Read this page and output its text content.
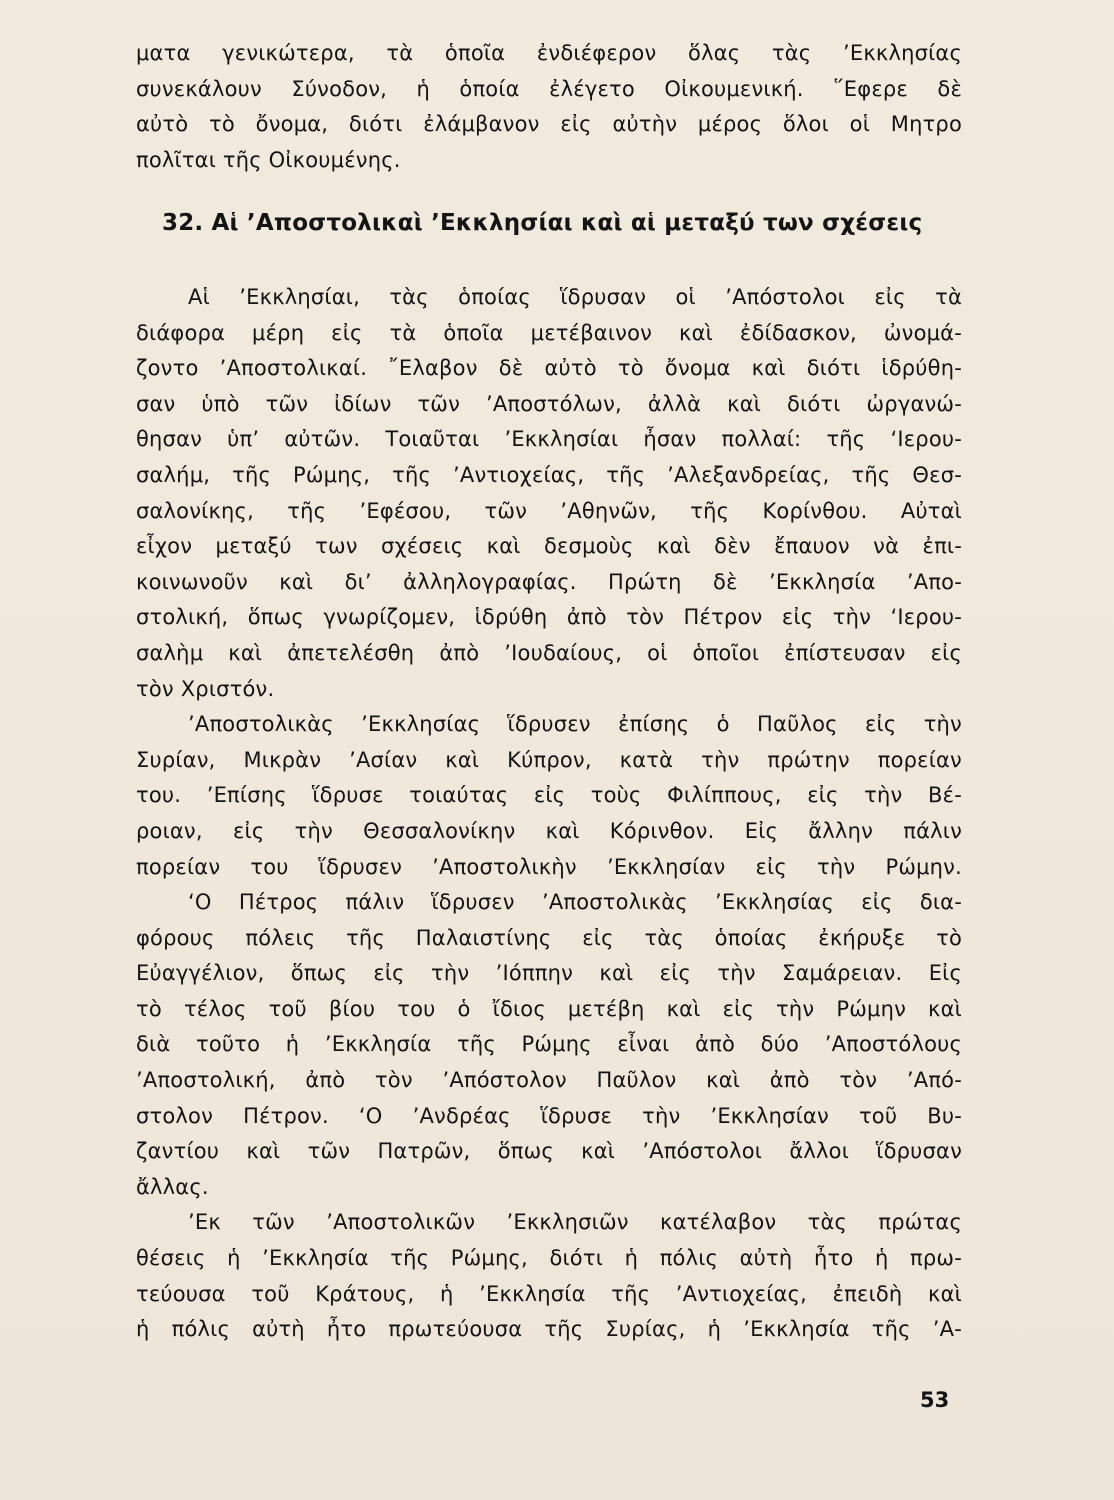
ματα γενικώτερα, τὰ ὁποῖα ἐνδιέφερον ὅλας τὰς ’Εκκλησίας
συνεκάλουν Σύνοδον, ἡ ὁποία ἐλέγετο Οἰκουμενική. ῞Εφερε δὲ
αὐτὸ τὸ ὄνομα, διότι ἐλάμβανον εἰς αὐτὴν μέρος ὅλοι οἱ Μητρο
πολῖται τῆς Οἰκουμένης.
32. Αἱ ’Αποστολικαὶ ’Εκκλησίαι καὶ αἱ μεταξύ των σχέσεις
Αἱ ’Εκκλησίαι, τὰς ὁποίας ἵδρυσαν οἱ ’Απόστολοι εἰς τὰ
διάφορα μέρη εἰς τὰ ὁποῖα μετέβαινον καὶ ἐδίδασκον, ὠνομά-
ζοντο ’Αποστολικαί. ῎Ελαβον δὲ αὐτὸ τὸ ὄνομα καὶ διότι ἱδρύθη-
σαν ὑπὸ τῶν ἰδίων τῶν ’Αποστόλων, ἀλλὰ καὶ διότι ὠργανώ-
θησαν ὑπ’ αὐτῶν. Τοιαῦται ’Εκκλησίαι ἦσαν πολλαί: τῆς ‘Ιερου-
σαλήμ, τῆς Ρώμης, τῆς ’Αντιοχείας, τῆς ’Αλεξανδρείας, τῆς Θεσ-
σαλονίκης, τῆς ’Εφέσου, τῶν ’Αθηνῶν, τῆς Κορίνθου. Αὐταὶ
εἶχον μεταξύ των σχέσεις καὶ δεσμοὺς καὶ δὲν ἔπαυον νὰ ἐπι-
κοινωνοῦν καὶ δι’ ἀλληλογραφίας. Πρώτη δὲ ’Εκκλησία ’Απο-
στολική, ὅπως γνωρίζομεν, ἱδρύθη ἀπὸ τὸν Πέτρον εἰς τὴν ‘Ιερου-
σαλὴμ καὶ ἀπετελέσθη ἀπὸ ’Ιουδαίους, οἱ ὁποῖοι ἐπίστευσαν εἰς
τὸν Χριστόν.
’Αποστολικὰς ’Εκκλησίας ἵδρυσεν ἐπίσης ὁ Παῦλος εἰς τὴν
Συρίαν, Μικρὰν ’Ασίαν καὶ Κύπρον, κατὰ τὴν πρώτην πορείαν
του. ’Επίσης ἵδρυσε τοιαύτας εἰς τοὺς Φιλίππους, εἰς τὴν Βέ-
ροιαν, εἰς τὴν Θεσσαλονίκην καὶ Κόρινθον. Εἰς ἄλλην πάλιν
πορείαν του ἵδρυσεν ’Αποστολικὴν ’Εκκλησίαν εἰς τὴν Ρώμην.
‘Ο Πέτρος πάλιν ἵδρυσεν ’Αποστολικὰς ’Εκκλησίας εἰς δια-
φόρους πόλεις τῆς Παλαιστίνης εἰς τὰς ὁποίας ἐκήρυξε τὸ
Εὐαγγέλιον, ὅπως εἰς τὴν ’Ιόππην καὶ εἰς τὴν Σαμάρειαν. Εἰς
τὸ τέλος τοῦ βίου του ὁ ἴδιος μετέβη καὶ εἰς τὴν Ρώμην καὶ
διὰ τοῦτο ἡ ’Εκκλησία τῆς Ρώμης εἶναι ἀπὸ δύο ’Αποστόλους
’Αποστολική, ἀπὸ τὸν ’Απόστολον Παῦλον καὶ ἀπὸ τὸν ’Από-
στολον Πέτρον. ‘Ο ’Ανδρέας ἵδρυσε τὴν ’Εκκλησίαν τοῦ Βυ-
ζαντίου καὶ τῶν Πατρῶν, ὅπως καὶ ’Απόστολοι ἄλλοι ἵδρυσαν
ἄλλας.
’Εκ τῶν ’Αποστολικῶν ’Εκκλησιῶν κατέλαβον τὰς πρώτας
θέσεις ἡ ’Εκκλησία τῆς Ρώμης, διότι ἡ πόλις αὐτὴ ἦτο ἡ πρω-
τεύουσα τοῦ Κράτους, ἡ ’Εκκλησία τῆς ’Αντιοχείας, ἐπειδὴ καὶ
ἡ πόλις αὐτὴ ἦτο πρωτεύουσα τῆς Συρίας, ἡ ’Εκκλησία τῆς ’Α-
53
